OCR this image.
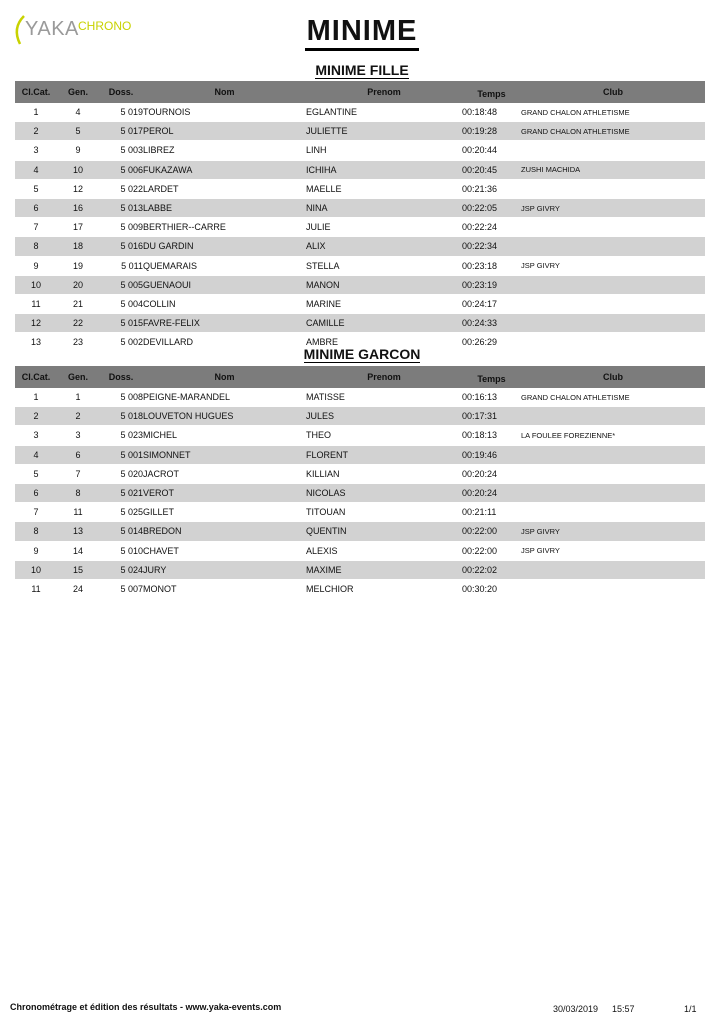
YAKA CHRONO	MINIME
MINIME FILLE
Cl.Cat.	Gen.	Doss.	Nom	Prenom	Temps	Club
1	4	5 019	TOURNOIS	EGLANTINE	00:18:48	GRAND CHALON ATHLETISME
2	5	5 017	PEROL	JULIETTE	00:19:28	GRAND CHALON ATHLETISME
3	9	5 003	LIBREZ	LINH	00:20:44	
4	10	5 006	FUKAZAWA	ICHIHA	00:20:45	ZUSHI MACHIDA
5	12	5 022	LARDET	MAELLE	00:21:36	
6	16	5 013	LABBE	NINA	00:22:05	JSP GIVRY
7	17	5 009	BERTHIER--CARRE	JULIE	00:22:24	
8	18	5 016	DU GARDIN	ALIX	00:22:34	
9	19	5 011	QUEMARAIS	STELLA	00:23:18	JSP GIVRY
10	20	5 005	GUENAOUI	MANON	00:23:19	
11	21	5 004	COLLIN	MARINE	00:24:17	
12	22	5 015	FAVRE-FELIX	CAMILLE	00:24:33	
13	23	5 002	DEVILLARD	AMBRE	00:26:29	
MINIME GARCON
Cl.Cat.	Gen.	Doss.	Nom	Prenom	Temps	Club
1	1	5 008	PEIGNE-MARANDEL	MATISSE	00:16:13	GRAND CHALON ATHLETISME
2	2	5 018	LOUVETON HUGUES	JULES	00:17:31	
3	3	5 023	MICHEL	THEO	00:18:13	LA FOULEE FOREZIENNE*
4	6	5 001	SIMONNET	FLORENT	00:19:46	
5	7	5 020	JACROT	KILLIAN	00:20:24	
6	8	5 021	VEROT	NICOLAS	00:20:24	
7	11	5 025	GILLET	TITOUAN	00:21:11	
8	13	5 014	BREDON	QUENTIN	00:22:00	JSP GIVRY
9	14	5 010	CHAVET	ALEXIS	00:22:00	JSP GIVRY
10	15	5 024	JURY	MAXIME	00:22:02	
11	24	5 007	MONOT	MELCHIOR	00:30:20	
Chronométrage et édition des résultats - www.yaka-events.com	30/03/2019 15:57	1/1
